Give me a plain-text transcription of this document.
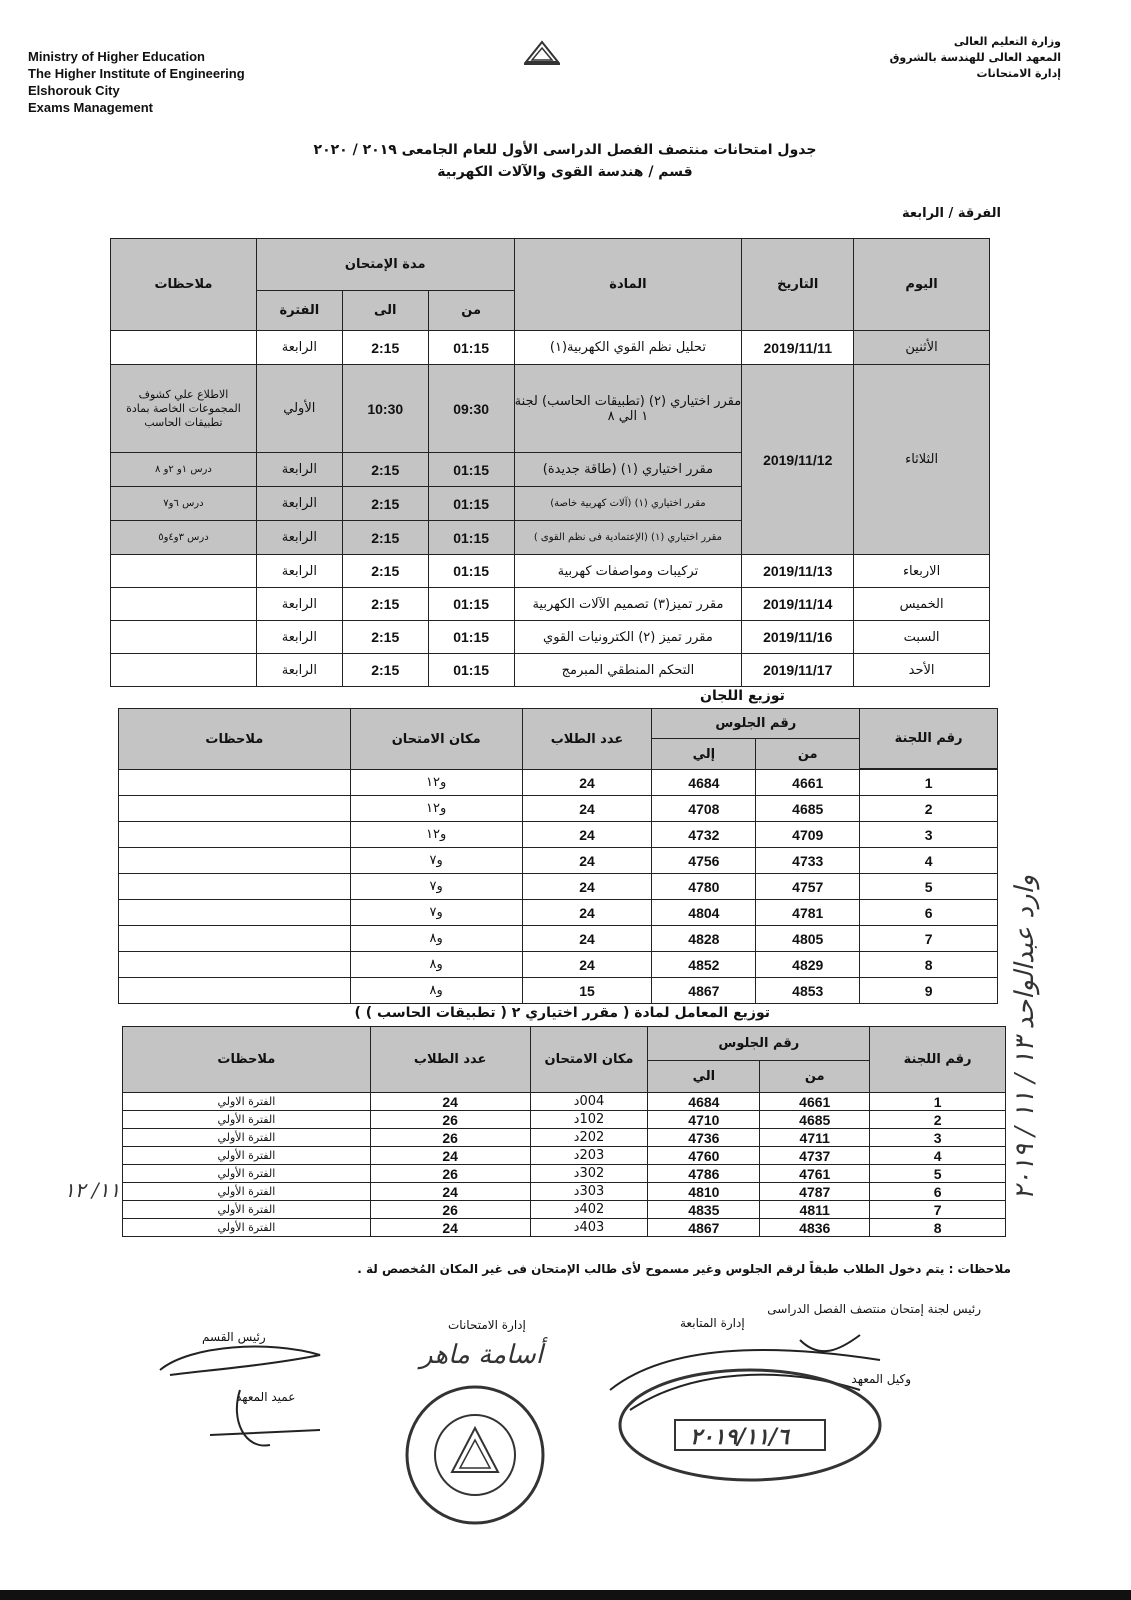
Ministry of Higher Education
The Higher Institute of Engineering
Elshorouk City
Exams Management
وزارة التعليم العالى
المعهد العالى للهندسة بالشروق
إدارة الامتحانات
جدول امتحانات منتصف الفصل الدراسى الأول للعام الجامعى ٢٠١٩ / ٢٠٢٠
قسم / هندسة القوى والآلات الكهربية
الفرقة / الرابعة
اليوم	التاريخ	المادة	مدة الإمتحان			ملاحظات
			من	الى	الفترة	
الأثنين	2019/11/11	تحليل نظم القوي الكهربية(١)	01:15	2:15	الرابعة	
الثلاثاء	2019/11/12	مقرر اختياري (٢) (تطبيقات الحاسب) لجنة ١ الي ٨	09:30	10:30	الأولي	الاطلاع علي كشوف المجموعات الخاصة بمادة تطبيقات الحاسب
		مقرر اختياري (١) (طاقة جديدة)	01:15	2:15	الرابعة	درس ١و ٢و ٨
		مقرر اختياري (١) (آلات كهربية خاصة)	01:15	2:15	الرابعة	درس ٦و٧
		مقرر اختياري (١) (الإعتمادية فى نظم القوى )	01:15	2:15	الرابعة	درس ٣و٤و٥
الاربعاء	2019/11/13	تركيبات ومواصفات كهربية	01:15	2:15	الرابعة	
الخميس	2019/11/14	مقرر تميز(٣) تصميم الآلات الكهربية	01:15	2:15	الرابعة	
السبت	2019/11/16	مقرر تميز (٢) الكترونيات القوي	01:15	2:15	الرابعة	
الأحد	2019/11/17	التحكم المنطقي المبرمج	01:15	2:15	الرابعة	
توزيع اللجان
رقم اللجنة	رقم الجلوس		عدد الطلاب	مكان الامتحان	ملاحظات
	من	إلي			

1	4661	4684	24	و١٢	
2	4685	4708	24	و١٢	
3	4709	4732	24	و١٢	
4	4733	4756	24	و٧	
5	4757	4780	24	و٧	
6	4781	4804	24	و٧	
7	4805	4828	24	و٨	
8	4829	4852	24	و٨	
9	4853	4867	15	و٨	
توزيع المعامل لمادة ( مقرر اختياري ٢ ( تطبيقات الحاسب ) )
رقم اللجنة	رقم الجلوس		مكان الامتحان	عدد الطلاب	ملاحظات
	من	الي			
1	4661	4684	004د	24	الفترة الاولي
2	4685	4710	102د	26	الفترة الأولي
3	4711	4736	202د	26	الفترة الأولي
4	4737	4760	203د	24	الفترة الأولي
5	4761	4786	302د	26	الفترة الأولي
6	4787	4810	303د	24	الفترة الأولي
7	4811	4835	402د	26	الفترة الأولي
8	4836	4867	403د	24	الفترة الأولي
ملاحظات : يتم دخول الطلاب طبقاً لرقم الجلوس وغير مسموح لأى طالب الإمتحان فى غير المكان المُخصص لة .
رئيس لجنة إمتحان منتصف الفصل الدراسى
وكيل المعهد
إدارة المتابعة
إدارة الامتحانات
رئيس القسم
عميد المعهد
أسامة ماهر
٢٠١٩/١١/٦
وارد عبدالواحد ١٣ / ١١ / ٢٠١٩
١١/ ١٢
